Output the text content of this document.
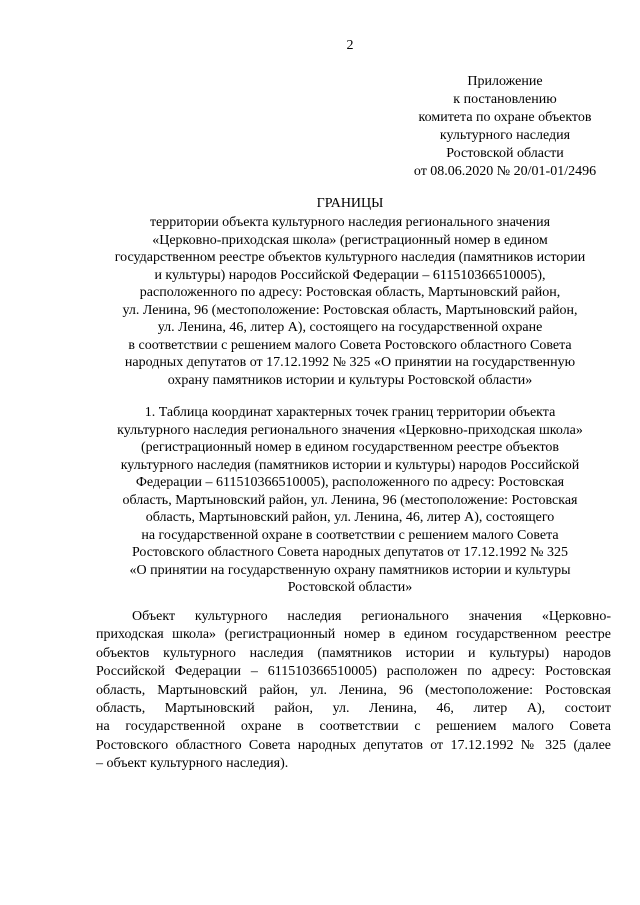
2
Приложение
к постановлению
комитета по охране объектов
культурного наследия
Ростовской области
от 08.06.2020 № 20/01-01/2496
ГРАНИЦЫ
территории объекта культурного наследия регионального значения
«Церковно-приходская школа» (регистрационный номер в едином
государственном реестре объектов культурного наследия (памятников истории
и культуры) народов Российской Федерации – 611510366510005),
расположенного по адресу: Ростовская область, Мартыновский район,
ул. Ленина, 96 (местоположение: Ростовская область, Мартыновский район,
ул. Ленина, 46, литер А), состоящего на государственной охране
в соответствии с решением малого Совета Ростовского областного Совета
народных депутатов от 17.12.1992 № 325 «О принятии на государственную
охрану памятников истории и культуры Ростовской области»
1. Таблица координат характерных точек границ территории объекта
культурного наследия регионального значения «Церковно-приходская школа»
(регистрационный номер в едином государственном реестре объектов
культурного наследия (памятников истории и культуры) народов Российской
Федерации – 611510366510005), расположенного по адресу: Ростовская
область, Мартыновский район, ул. Ленина, 96 (местоположение: Ростовская
область, Мартыновский район, ул. Ленина, 46, литер А), состоящего
на государственной охране в соответствии с решением малого Совета
Ростовского областного Совета народных депутатов от 17.12.1992 № 325
«О принятии на государственную охрану памятников истории и культуры
Ростовской области»
Объект культурного наследия регионального значения «Церковно-
приходская школа» (регистрационный номер в едином государственном реестре
объектов культурного наследия (памятников истории и культуры) народов
Российской Федерации – 611510366510005) расположен по адресу: Ростовская
область, Мартыновский район, ул. Ленина, 96 (местоположение: Ростовская
область, Мартыновский район, ул. Ленина, 46, литер А), состоит
на государственной охране в соответствии с решением малого Совета
Ростовского областного Совета народных депутатов от 17.12.1992 № 325 (далее
– объект культурного наследия).
